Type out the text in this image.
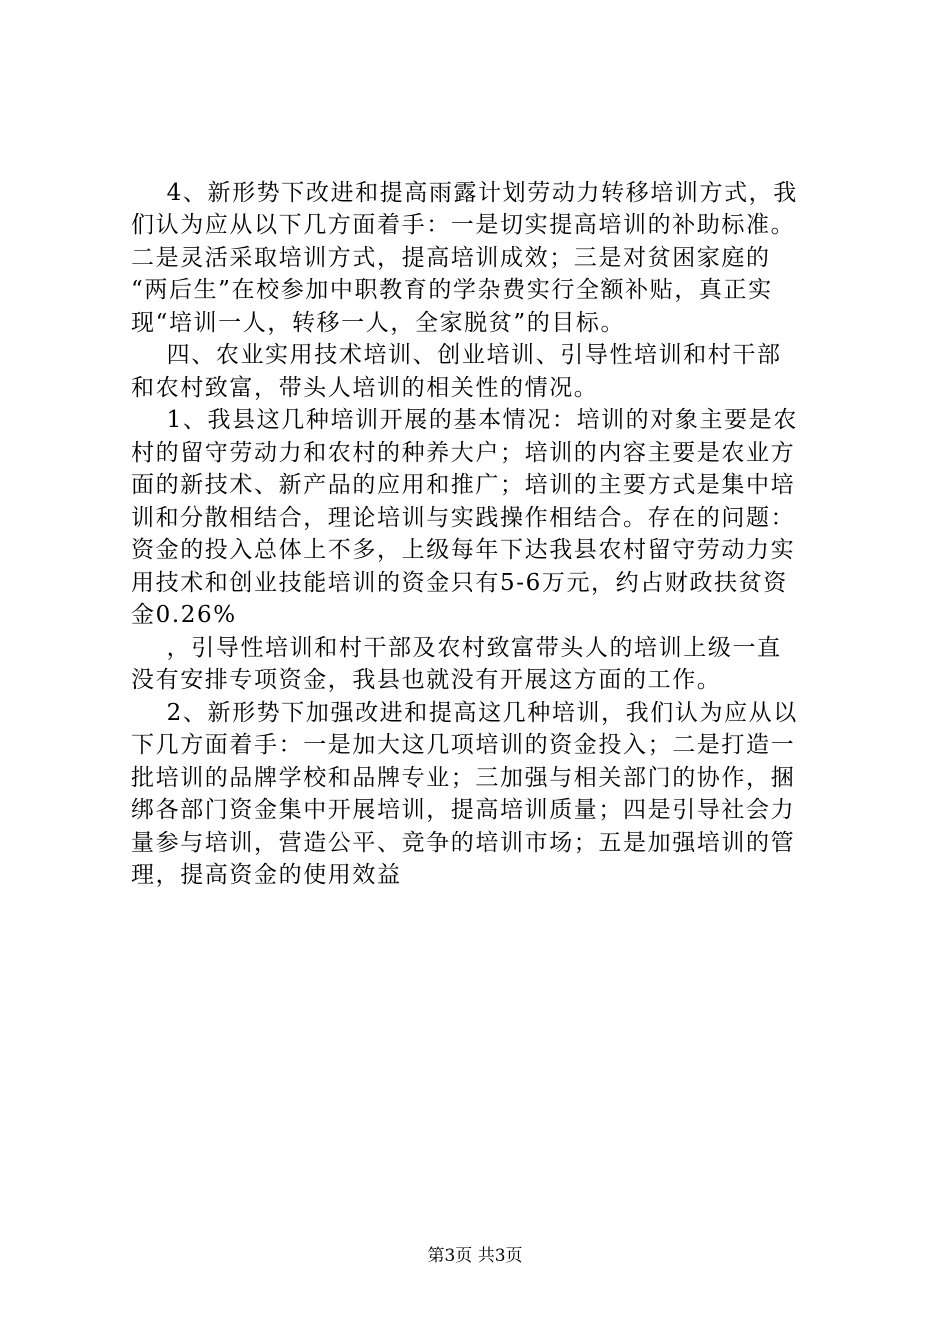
4、新形势下改进和提高雨露计划劳动力转移培训方式，我
们认为应从以下几方面着手：一是切实提高培训的补助标准。
二是灵活采取培训方式，提高培训成效；三是对贫困家庭的
“两后生”在校参加中职教育的学杂费实行全额补贴，真正实
现“培训一人，转移一人，全家脱贫”的目标。
四、农业实用技术培训、创业培训、引导性培训和村干部
和农村致富，带头人培训的相关性的情况。
1、我县这几种培训开展的基本情况：培训的对象主要是农
村的留守劳动力和农村的种养大户；培训的内容主要是农业方
面的新技术、新产品的应用和推广；培训的主要方式是集中培
训和分散相结合，理论培训与实践操作相结合。存在的问题：
资金的投入总体上不多，上级每年下达我县农村留守劳动力实
用技术和创业技能培训的资金只有5-6万元，约占财政扶贫资
金0.26%
，引导性培训和村干部及农村致富带头人的培训上级一直
没有安排专项资金，我县也就没有开展这方面的工作。
2、新形势下加强改进和提高这几种培训，我们认为应从以
下几方面着手：一是加大这几项培训的资金投入；二是打造一
批培训的品牌学校和品牌专业；三加强与相关部门的协作，捆
绑各部门资金集中开展培训，提高培训质量；四是引导社会力
量参与培训，营造公平、竞争的培训市场；五是加强培训的管
理，提高资金的使用效益
第3页 共3页
